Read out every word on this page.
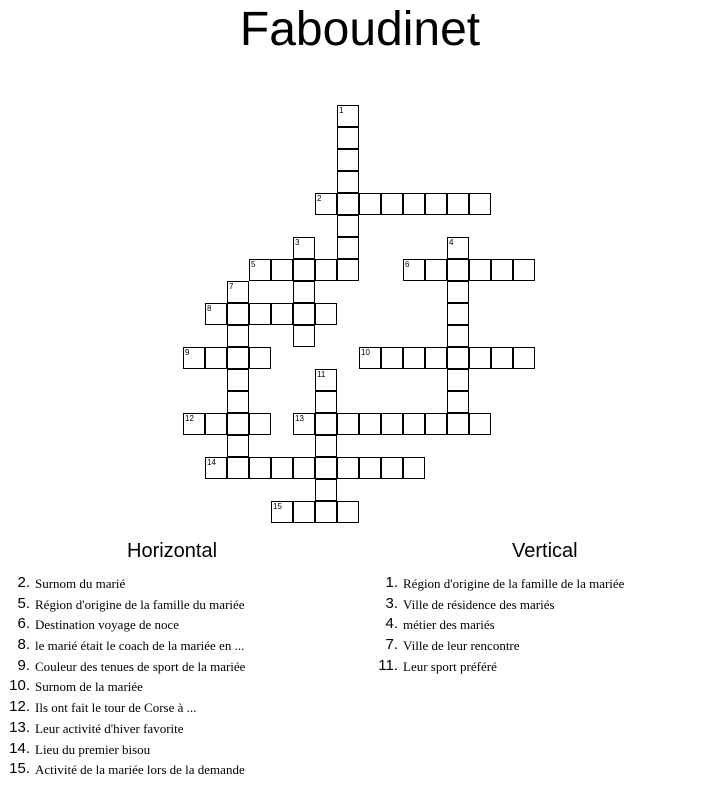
Faboudinet
1
2
3	4
5	6
7
8
9	10
11
12	13
14
15
Horizontal	Vertical
2. Surnom du marié
5. Région d'origine de la famille du mariée
6. Destination voyage de noce
8. le marié était le coach de la mariée en ...
9. Couleur des tenues de sport de la mariée
10. Surnom de la mariée
12. Ils ont fait le tour de Corse à ...
13. Leur activité d'hiver favorite
14. Lieu du premier bisou
15. Activité de la mariée lors de la demande
1. Région d'origine de la famille de la mariée
3. Ville de résidence des mariés
4. métier des mariés
7. Ville de leur rencontre
11. Leur sport préféré
